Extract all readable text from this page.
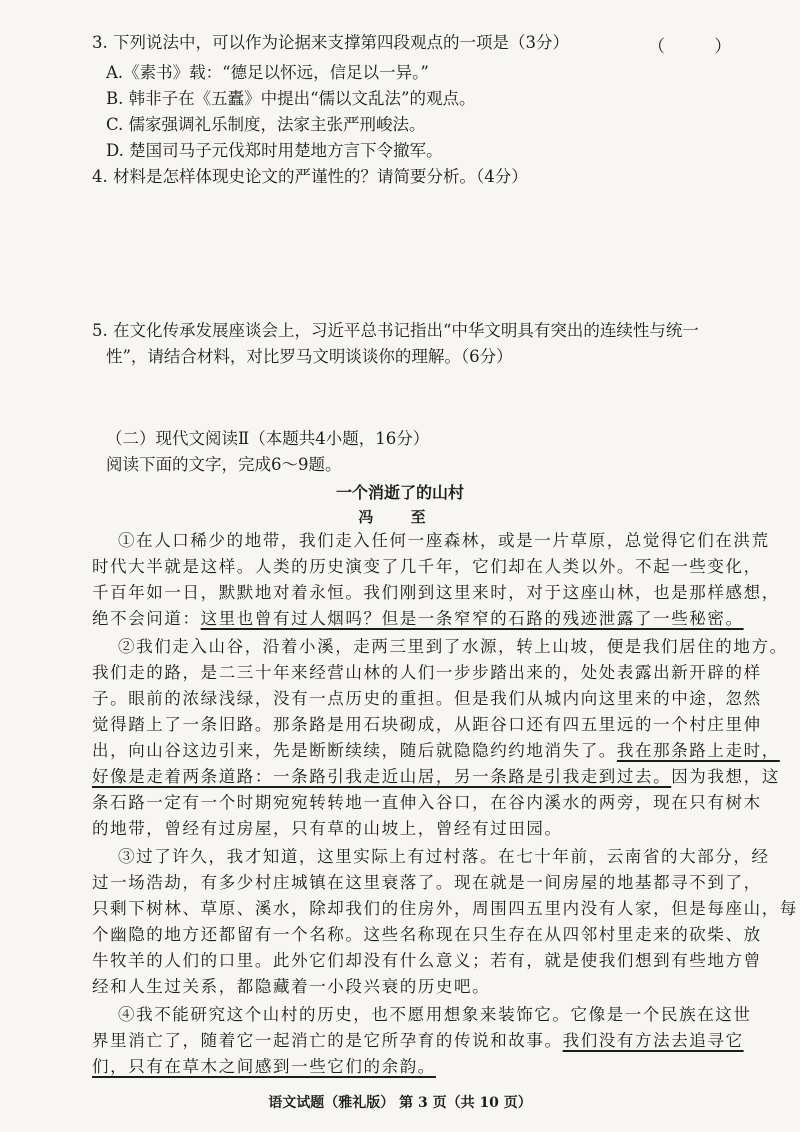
3. 下列说法中，可以作为论据来支撑第四段观点的一项是（3分）	（ ）
A.《素书》载：“德足以怀远，信足以一异。”
B. 韩非子在《五蠹》中提出“儒以文乱法”的观点。
C. 儒家强调礼乐制度，法家主张严刑峻法。
D. 楚国司马子元伐郑时用楚地方言下令撤军。
4. 材料是怎样体现史论文的严谨性的？请简要分析。（4分）
5. 在文化传承发展座谈会上，习近平总书记指出“中华文明具有突出的连续性与统一
性”，请结合材料，对比罗马文明谈谈你的理解。（6分）
（二）现代文阅读Ⅱ（本题共4小题，16分）
阅读下面的文字，完成6～9题。
一个消逝了的山村
冯 至
①在人口稀少的地带，我们走入任何一座森林，或是一片草原，总觉得它们在洪荒
时代大半就是这样。人类的历史演变了几千年，它们却在人类以外。不起一些变化，
千百年如一日，默默地对着永恒。我们刚到这里来时，对于这座山林，也是那样感想，
绝不会问道：这里也曾有过人烟吗？但是一条窄窄的石路的残迹泄露了一些秘密。
②我们走入山谷，沿着小溪，走两三里到了水源，转上山坡，便是我们居住的地方。
我们走的路，是二三十年来经营山林的人们一步步踏出来的，处处表露出新开辟的样
子。眼前的浓绿浅绿，没有一点历史的重担。但是我们从城内向这里来的中途，忽然
觉得踏上了一条旧路。那条路是用石块砌成，从距谷口还有四五里远的一个村庄里伸
出，向山谷这边引来，先是断断续续，随后就隐隐约约地消失了。我在那条路上走时，
好像是走着两条道路：一条路引我走近山居，另一条路是引我走到过去。因为我想，这
条石路一定有一个时期宛宛转转地一直伸入谷口，在谷内溪水的两旁，现在只有树木
的地带，曾经有过房屋，只有草的山坡上，曾经有过田园。
③过了许久，我才知道，这里实际上有过村落。在七十年前，云南省的大部分，经
过一场浩劫，有多少村庄城镇在这里衰落了。现在就是一间房屋的地基都寻不到了，
只剩下树林、草原、溪水，除却我们的住房外，周围四五里内没有人家，但是每座山，每
个幽隐的地方还都留有一个名称。这些名称现在只生存在从四邻村里走来的砍柴、放
牛牧羊的人们的口里。此外它们却没有什么意义；若有，就是使我们想到有些地方曾
经和人生过关系，都隐藏着一小段兴衰的历史吧。
④我不能研究这个山村的历史，也不愿用想象来装饰它。它像是一个民族在这世
界里消亡了，随着它一起消亡的是它所孕育的传说和故事。我们没有方法去追寻它
们，只有在草木之间感到一些它们的余韵。
语文试题（雅礼版） 第 3 页（共 10 页）
